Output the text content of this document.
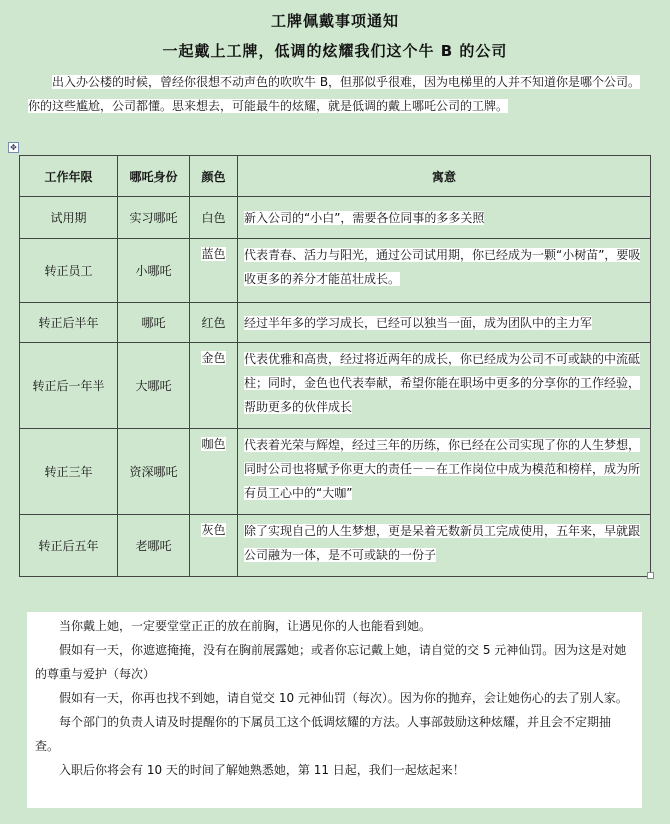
工牌佩戴事项通知
一起戴上工牌，低调的炫耀我们这个牛 B 的公司
出入办公楼的时候，曾经你很想不动声色的吹吹牛 B，但那似乎很难，因为电梯里的人并不知道你是哪个公司。你的这些尴尬，公司都懂。思来想去，可能最牛的炫耀，就是低调的戴上哪吒公司的工牌。
✥
工作年限	哪吒身份	颜色	寓意
试用期	实习哪吒	白色	新入公司的“小白”，需要各位同事的多多关照
转正员工	小哪吒	蓝色	代表青春、活力与阳光，通过公司试用期，你已经成为一颗“小树苗”，要吸收更多的养分才能茁壮成长。
转正后半年	哪吒	红色	经过半年多的学习成长，已经可以独当一面，成为团队中的主力军
转正后一年半	大哪吒	金色	代表优雅和高贵，经过将近两年的成长，你已经成为公司不可或缺的中流砥柱；同时，金色也代表奉献，希望你能在职场中更多的分享你的工作经验，帮助更多的伙伴成长
转正三年	资深哪吒	咖色	代表着光荣与辉煌，经过三年的历练，你已经在公司实现了你的人生梦想，同时公司也将赋予你更大的责任－－在工作岗位中成为模范和榜样，成为所有员工心中的“大咖”
转正后五年	老哪吒	灰色	除了实现自己的人生梦想，更是呆着无数新员工完成使用，五年来，早就跟公司融为一体，是不可或缺的一份子

当你戴上她，一定要堂堂正正的放在前胸，让遇见你的人也能看到她。

假如有一天，你遮遮掩掩，没有在胸前展露她；或者你忘记戴上她，请自觉的交 5 元神仙罚。因为这是对她的尊重与爱护（每次）

假如有一天，你再也找不到她，请自觉交 10 元神仙罚（每次）。因为你的抛弃，会让她伤心的去了别人家。

每个部门的负责人请及时提醒你的下属员工这个低调炫耀的方法。人事部鼓励这种炫耀，并且会不定期抽查。

入职后你将会有 10 天的时间了解她熟悉她，第 11 日起，我们一起炫起来！
